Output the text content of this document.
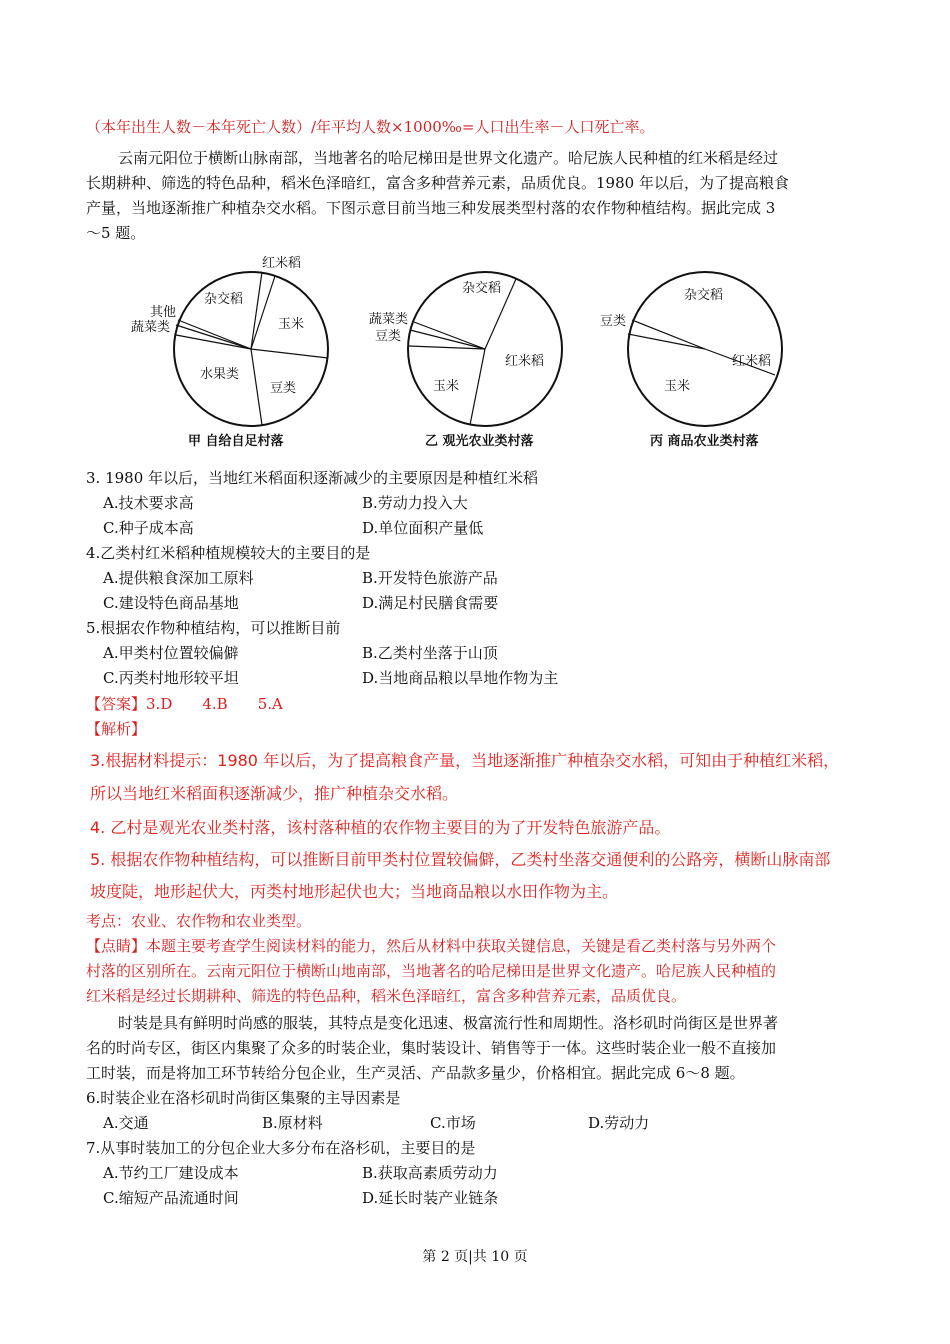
（本年出生人数－本年死亡人数）/年平均人数×1000‰=人口出生率－人口死亡率。
云南元阳位于横断山脉南部，当地著名的哈尼梯田是世界文化遗产。哈尼族人民种植的红米稻是经过
长期耕种、筛选的特色品种，稻米色泽暗红，富含多种营养元素，品质优良。1980 年以后，为了提高粮食
产量，当地逐渐推广种植杂交水稻。下图示意目前当地三种发展类型村落的农作物种植结构。据此完成 3
～5 题。
红米稻
杂交稻
玉米
其他
蔬菜类
水果类
豆类
杂交稻
蔬菜类
豆类
红米稻
玉米
杂交稻
豆类
红米稻
玉米
甲 自给自足村落	乙 观光农业类村落	丙 商品农业类村落
3. 1980 年以后，当地红米稻面积逐渐减少的主要原因是种植红米稻
A.技术要求高	B.劳动力投入大
C.种子成本高	D.单位面积产量低
4.乙类村红米稻种植规模较大的主要目的是
A.提供粮食深加工原料	B.开发特色旅游产品
C.建设特色商品基地	D.满足村民膳食需要
5.根据农作物种植结构，可以推断目前
A.甲类村位置较偏僻	B.乙类村坐落于山顶
C.丙类村地形较平坦	D.当地商品粮以旱地作物为主
【答案】3.D　　4.B　　5.A
【解析】
3.根据材料提示：1980 年以后，为了提高粮食产量，当地逐渐推广种植杂交水稻，可知由于种植红米稻，
所以当地红米稻面积逐渐减少，推广种植杂交水稻。
4. 乙村是观光农业类村落，该村落种植的农作物主要目的为了开发特色旅游产品。
5. 根据农作物种植结构，可以推断目前甲类村位置较偏僻，乙类村坐落交通便利的公路旁，横断山脉南部
坡度陡，地形起伏大，丙类村地形起伏也大；当地商品粮以水田作物为主。
考点：农业、农作物和农业类型。
【点睛】本题主要考查学生阅读材料的能力，然后从材料中获取关键信息，关键是看乙类村落与另外两个
村落的区别所在。云南元阳位于横断山地南部，当地著名的哈尼梯田是世界文化遗产。哈尼族人民种植的
红米稻是经过长期耕种、筛选的特色品种，稻米色泽暗红，富含多种营养元素，品质优良。
时装是具有鲜明时尚感的服装，其特点是变化迅速、极富流行性和周期性。洛杉矶时尚街区是世界著
名的时尚专区，街区内集聚了众多的时装企业，集时装设计、销售等于一体。这些时装企业一般不直接加
工时装，而是将加工环节转给分包企业，生产灵活、产品款多量少，价格相宜。据此完成 6～8 题。
6.时装企业在洛杉矶时尚街区集聚的主导因素是
A.交通	B.原材料	C.市场	D.劳动力
7.从事时装加工的分包企业大多分布在洛杉矶，主要目的是
A.节约工厂建设成本	B.获取高素质劳动力
C.缩短产品流通时间	D.延长时装产业链条
第 2 页|共 10 页
